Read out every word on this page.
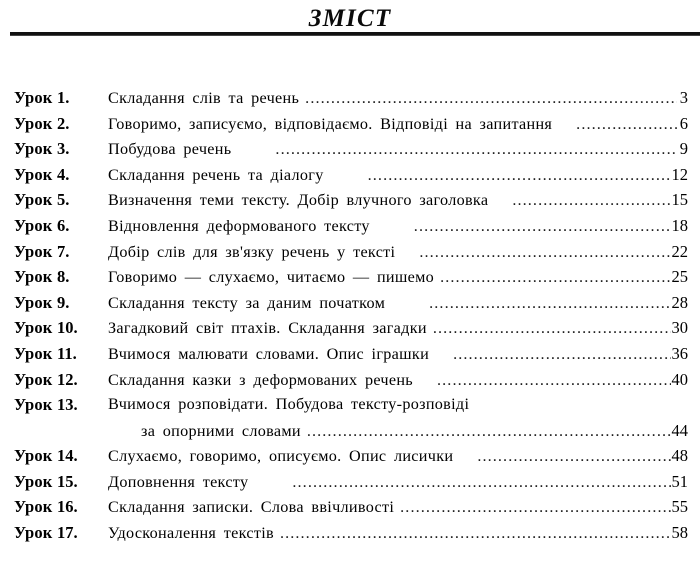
ЗМІСТ
Урок 1.	Складання слів та речень .....	3
Урок 2.	Говоримо, записуємо, відповідаємо. Відповіді на запитання .....	6
Урок 3.	Побудова речень .....	9
Урок 4.	Складання речень та діалогу .....	12
Урок 5.	Визначення теми тексту. Добір влучного заголовка .....	15
Урок 6.	Відновлення деформованого тексту .....	18
Урок 7.	Добір слів для зв'язку речень у тексті .....	22
Урок 8.	Говоримо — слухаємо, читаємо — пишемо .....	25
Урок 9.	Складання тексту за даним початком .....	28
Урок 10.	Загадковий світ птахів. Складання загадки .....	30
Урок 11.	Вчимося малювати словами. Опис іграшки .....	36
Урок 12.	Складання казки з деформованих речень .....	40
Урок 13.	Вчимося розповідати. Побудова тексту-розповіді
за опорними словами .....	44
Урок 14.	Слухаємо, говоримо, описуємо. Опис лисички .....	48
Урок 15.	Доповнення тексту .....	51
Урок 16.	Складання записки. Слова ввічливості .....	55
Урок 17.	Удосконалення текстів .....	58
